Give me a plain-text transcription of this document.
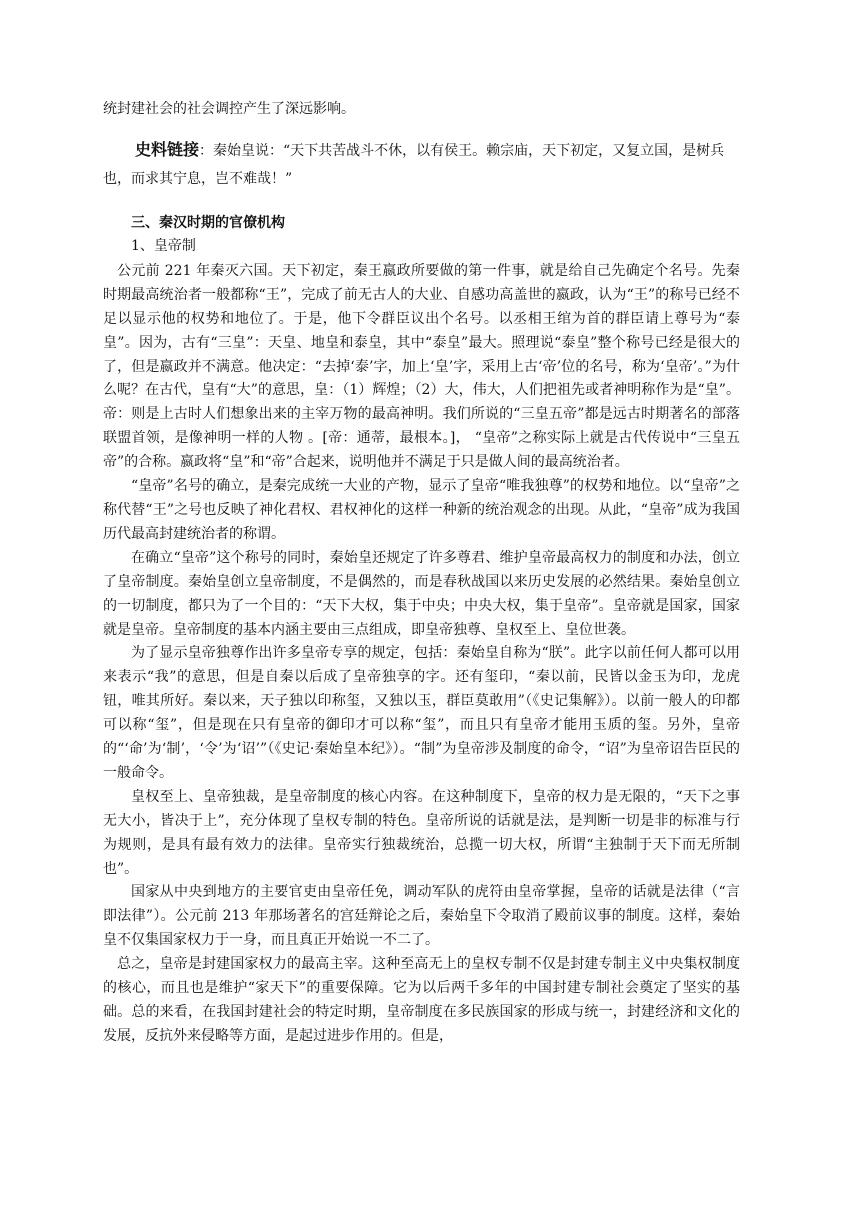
统封建社会的社会调控产生了深远影响。

史料链接：秦始皇说：“天下共苦战斗不休，以有侯王。赖宗庙，天下初定，又复立国，是树兵也，而求其宁息，岂不难哉！”
三、秦汉时期的官僚机构
1、皇帝制

公元前 221 年秦灭六国。天下初定，秦王嬴政所要做的第一件事，就是给自己先确定个名号。先秦时期最高统治者一般都称“王”，完成了前无古人的大业、自感功高盖世的嬴政，认为“王”的称号已经不足以显示他的权势和地位了。于是，他下令群臣议出个名号。以丞相王绾为首的群臣请上尊号为“泰皇”。因为，古有“三皇”：天皇、地皇和泰皇，其中“泰皇”最大。照理说“泰皇”整个称号已经是很大的了，但是嬴政并不满意。他决定：“去掉‘泰’字，加上‘皇’字，采用上古‘帝’位的名号，称为‘皇帝’。”为什么呢？在古代，皇有“大”的意思，皇：（1）辉煌；（2）大，伟大，人们把祖先或者神明称作为是“皇”。帝：则是上古时人们想象出来的主宰万物的最高神明。我们所说的“三皇五帝”都是远古时期著名的部落联盟首领，是像神明一样的人物 。[帝：通蒂，最根本。]， “皇帝”之称实际上就是古代传说中“三皇五帝”的合称。嬴政将“皇”和“帝”合起来，说明他并不满足于只是做人间的最高统治者。

“皇帝”名号的确立，是秦完成统一大业的产物，显示了皇帝“唯我独尊”的权势和地位。以“皇帝”之称代替“王”之号也反映了神化君权、君权神化的这样一种新的统治观念的出现。从此，“皇帝”成为我国历代最高封建统治者的称谓。

在确立“皇帝”这个称号的同时，秦始皇还规定了许多尊君、维护皇帝最高权力的制度和办法，创立了皇帝制度。秦始皇创立皇帝制度，不是偶然的，而是春秋战国以来历史发展的必然结果。秦始皇创立的一切制度，都只为了一个目的：“天下大权，集于中央；中央大权，集于皇帝”。皇帝就是国家，国家就是皇帝。皇帝制度的基本内涵主要由三点组成，即皇帝独尊、皇权至上、皇位世袭。

为了显示皇帝独尊作出许多皇帝专享的规定，包括：秦始皇自称为“朕”。此字以前任何人都可以用来表示“我”的意思，但是自秦以后成了皇帝独享的字。还有玺印，“秦以前，民皆以金玉为印，龙虎钮，唯其所好。秦以来，天子独以印称玺，又独以玉，群臣莫敢用”（《史记集解》）。以前一般人的印都可以称“玺”，但是现在只有皇帝的御印才可以称“玺”，而且只有皇帝才能用玉质的玺。另外，皇帝的“‘命’为‘制’，‘令’为‘诏’”（《史记·秦始皇本纪》）。“制”为皇帝涉及制度的命令，“诏”为皇帝诏告臣民的一般命令。

皇权至上、皇帝独裁，是皇帝制度的核心内容。在这种制度下，皇帝的权力是无限的，“天下之事无大小，皆决于上”，充分体现了皇权专制的特色。皇帝所说的话就是法，是判断一切是非的标准与行为规则，是具有最有效力的法律。皇帝实行独裁统治，总揽一切大权，所谓“主独制于天下而无所制也”。

国家从中央到地方的主要官吏由皇帝任免，调动军队的虎符由皇帝掌握，皇帝的话就是法律（“言即法律”）。公元前 213 年那场著名的宫廷辩论之后，秦始皇下令取消了殿前议事的制度。这样，秦始皇不仅集国家权力于一身，而且真正开始说一不二了。

总之，皇帝是封建国家权力的最高主宰。这种至高无上的皇权专制不仅是封建专制主义中央集权制度的核心，而且也是维护“家天下”的重要保障。它为以后两千多年的中国封建专制社会奠定了坚实的基础。总的来看，在我国封建社会的特定时期，皇帝制度在多民族国家的形成与统一，封建经济和文化的发展，反抗外来侵略等方面，是起过进步作用的。但是，
